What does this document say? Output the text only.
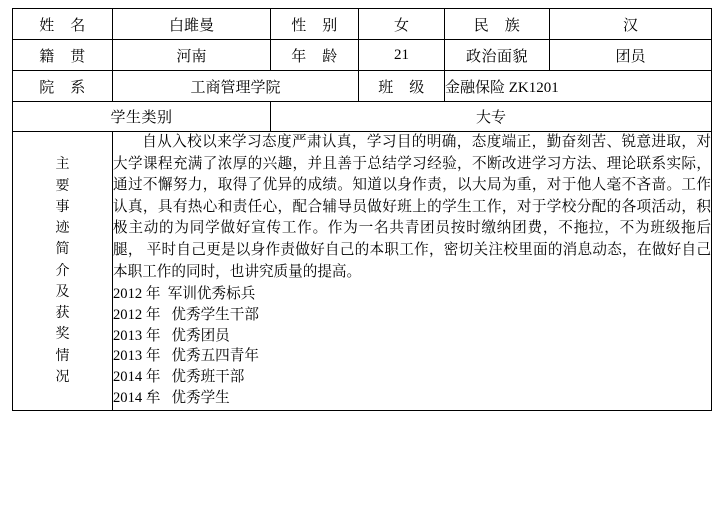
姓　名	白雎曼	性　别	女	民　族	汉
籍　贯	河南	年　龄	21	政治面貌	团员
院　系	工商管理学院		班　级	金融保险 ZK1201	
学生类别		大专			

主
要
事
迹
简
介
及
获
奖
情
况

自从入校以来学习态度严肃认真，学习目的明确，态度端正，勤奋刻苦、锐意进取，对大学课程充满了浓厚的兴趣，并且善于总结学习经验，不断改进学习方法、理论联系实际，通过不懈努力，取得了优异的成绩。知道以身作责，以大局为重，对于他人毫不吝啬。工作认真，具有热心和责任心，配合辅导员做好班上的学生工作，对于学校分配的各项活动，积极主动的为同学做好宣传工作。作为一名共青团员按时缴纳团费，不拖拉，不为班级拖后腿， 平时自己更是以身作责做好自己的本职工作，密切关注校里面的消息动态，在做好自己本职工作的同时，也讲究质量的提高。

2012 年  军训优秀标兵

2012 年   优秀学生干部

2013 年   优秀团员

2013 年   优秀五四青年

2014 年   优秀班干部

2014 牟   优秀学生
